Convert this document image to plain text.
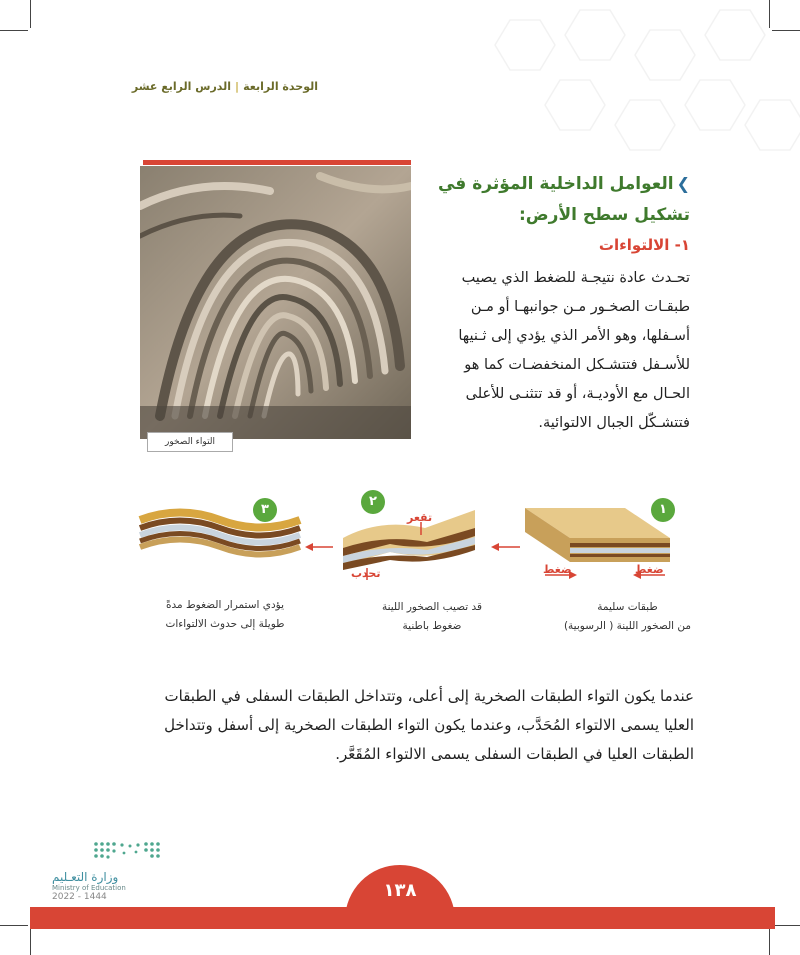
الوحدة الرابعة|الدرس الرابع عشر
التواء الصخور
❯العوامل الداخلية المؤثرة في
تشكيل سطح الأرض:
١- الالتواءات
تحـدث عادة نتيجـة للضغط الذي يصيب
طبقـات الصخـور مـن جوانبهـا أو مـن
أسـفلها، وهو الأمر الذي يؤدي إلى ثـنيها
للأسـفل فتتشـكل المنخفضـات كما هو
الحـال مع الأوديـة، أو قد تتثنـى للأعلى
فتتشـكّل الجبال الالتوائية.
٣
٢
١
تقعر
تحدب	ضغط	ضغط
يؤدي استمرار الضغوط مدةً
طويلة إلى حدوث الالتواءات
قد تصيب الصخور اللينة
ضغوط باطنية
طبقات سليمة
من الصخور اللينة ( الرسوبية)
عندما يكون التواء الطبقات الصخرية إلى أعلى، وتتداخل الطبقات السفلى في الطبقات
العليا يسمى الالتواء المُحَدَّب، وعندما يكون التواء الطبقات الصخرية إلى أسفل وتتداخل
الطبقات العليا في الطبقات السفلى يسمى الالتواء المُقَعَّر.
وزارة التعـليم
Ministry of Education
2022 - 1444	١٣٨
